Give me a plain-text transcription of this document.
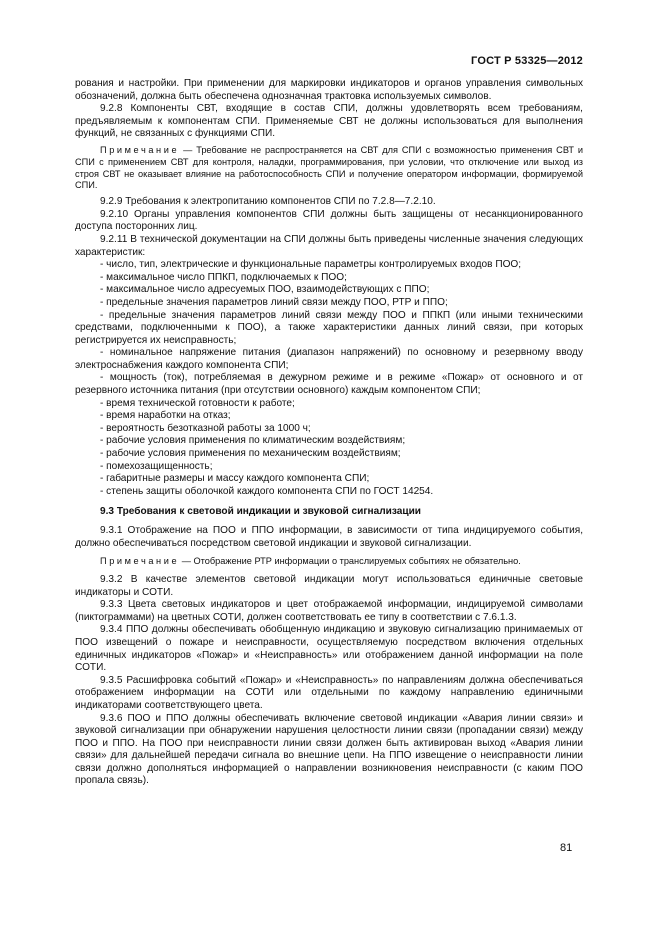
ГОСТ Р 53325—2012

рования и настройки. При применении для маркировки индикаторов и органов управления символьных обозначений, должна быть обеспечена однозначная трактовка используемых символов.

9.2.8 Компоненты СВТ, входящие в состав СПИ, должны удовлетворять всем требованиям, предъявляемым к компонентам СПИ. Применяемые СВТ не должны использоваться для выполнения функций, не связанных с функциями СПИ.

Примечание — Требование не распространяется на СВТ для СПИ с возможностью применения СВТ и СПИ с применением СВТ для контроля, наладки, программирования, при условии, что отключение или выход из строя СВТ не оказывает влияние на работоспособность СПИ и получение оператором информации, формируемой СПИ.

9.2.9 Требования к электропитанию компонентов СПИ по 7.2.8—7.2.10.

9.2.10 Органы управления компонентов СПИ должны быть защищены от несанкционированного доступа посторонних лиц.

9.2.11 В технической документации на СПИ должны быть приведены численные значения следующих характеристик:

- число, тип, электрические и функциональные параметры контролируемых входов ПОО;

- максимальное число ППКП, подключаемых к ПОО;

- максимальное число адресуемых ПОО, взаимодействующих с ППО;

- предельные значения параметров линий связи между ПОО, РТР и ППО;

- предельные значения параметров линий связи между ПОО и ППКП (или иными техническими средствами, подключенными к ПОО), а также характеристики данных линий связи, при которых регистрируется их неисправность;

- номинальное напряжение питания (диапазон напряжений) по основному и резервному вводу электроснабжения каждого компонента СПИ;

- мощность (ток), потребляемая в дежурном режиме и в режиме «Пожар» от основного и от резервного источника питания (при отсутствии основного) каждым компонентом СПИ;

- время технической готовности к работе;

- время наработки на отказ;

- вероятность безотказной работы за 1000 ч;

- рабочие условия применения по климатическим воздействиям;

- рабочие условия применения по механическим воздействиям;

- помехозащищенность;

- габаритные размеры и массу каждого компонента СПИ;

- степень защиты оболочкой каждого компонента СПИ по ГОСТ 14254.

9.3 Требования к световой индикации и звуковой сигнализации

9.3.1 Отображение на ПОО и ППО информации, в зависимости от типа индицируемого события, должно обеспечиваться посредством световой индикации и звуковой сигнализации.

Примечание — Отображение РТР информации о транслируемых событиях не обязательно.

9.3.2 В качестве элементов световой индикации могут использоваться единичные световые индикаторы и СОТИ.

9.3.3 Цвета световых индикаторов и цвет отображаемой информации, индицируемой символами (пиктограммами) на цветных СОТИ, должен соответствовать ее типу в соответствии с 7.6.1.3.

9.3.4 ППО должны обеспечивать обобщенную индикацию и звуковую сигнализацию принимаемых от ПОО извещений о пожаре и неисправности, осуществляемую посредством включения отдельных единичных индикаторов «Пожар» и «Неисправность» или отображением данной информации на поле СОТИ.

9.3.5 Расшифровка событий «Пожар» и «Неисправность» по направлениям должна обеспечиваться отображением информации на СОТИ или отдельными по каждому направлению единичными индикаторами соответствующего цвета.

9.3.6 ПОО и ППО должны обеспечивать включение световой индикации «Авария линии связи» и звуковой сигнализации при обнаружении нарушения целостности линии связи (пропадании связи) между ПОО и ППО. На ПОО при неисправности линии связи должен быть активирован выход «Авария линии связи» для дальнейшей передачи сигнала во внешние цепи. На ППО извещение о неисправности линии связи должно дополняться информацией о направлении возникновения неисправности (с каким ПОО пропала связь).

81
